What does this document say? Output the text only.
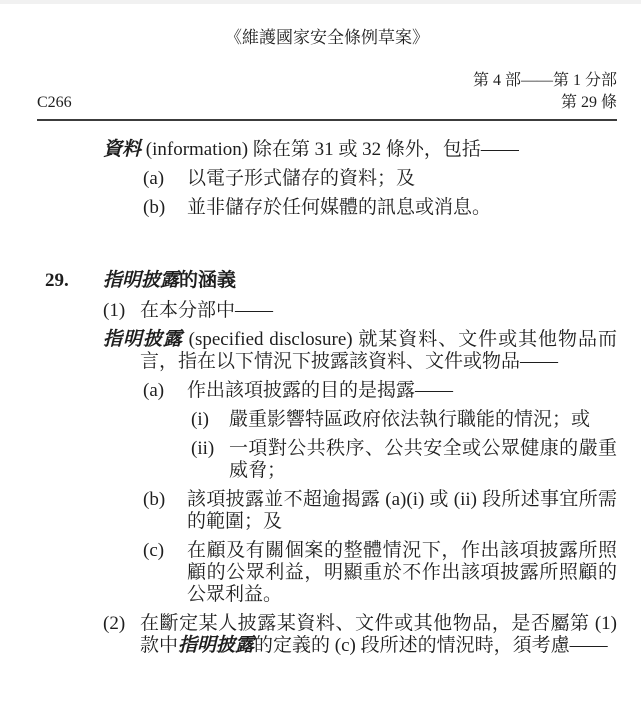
《維護國家安全條例草案》
第 4 部——第 1 分部
C266	第 29 條
資料 (information) 除在第 31 或 32 條外，包括——
(a)	以電子形式儲存的資料；及
(b)	並非儲存於任何媒體的訊息或消息。
29.	指明披露的涵義
(1) 在本分部中——
指明披露 (specified disclosure) 就某資料、文件或其他物品而言，指在以下情況下披露該資料、文件或物品——
(a)	作出該項披露的目的是揭露——
(i)	嚴重影響特區政府依法執行職能的情況；或
(ii) 一項對公共秩序、公共安全或公眾健康的嚴重威脅；
(b)	該項披露並不超逾揭露 (a)(i) 或 (ii) 段所述事宜所需的範圍；及
(c)	在顧及有關個案的整體情況下，作出該項披露所照顧的公眾利益，明顯重於不作出該項披露所照顧的公眾利益。
(2) 在斷定某人披露某資料、文件或其他物品，是否屬第 (1) 款中指明披露的定義的 (c) 段所述的情況時，須考慮——
